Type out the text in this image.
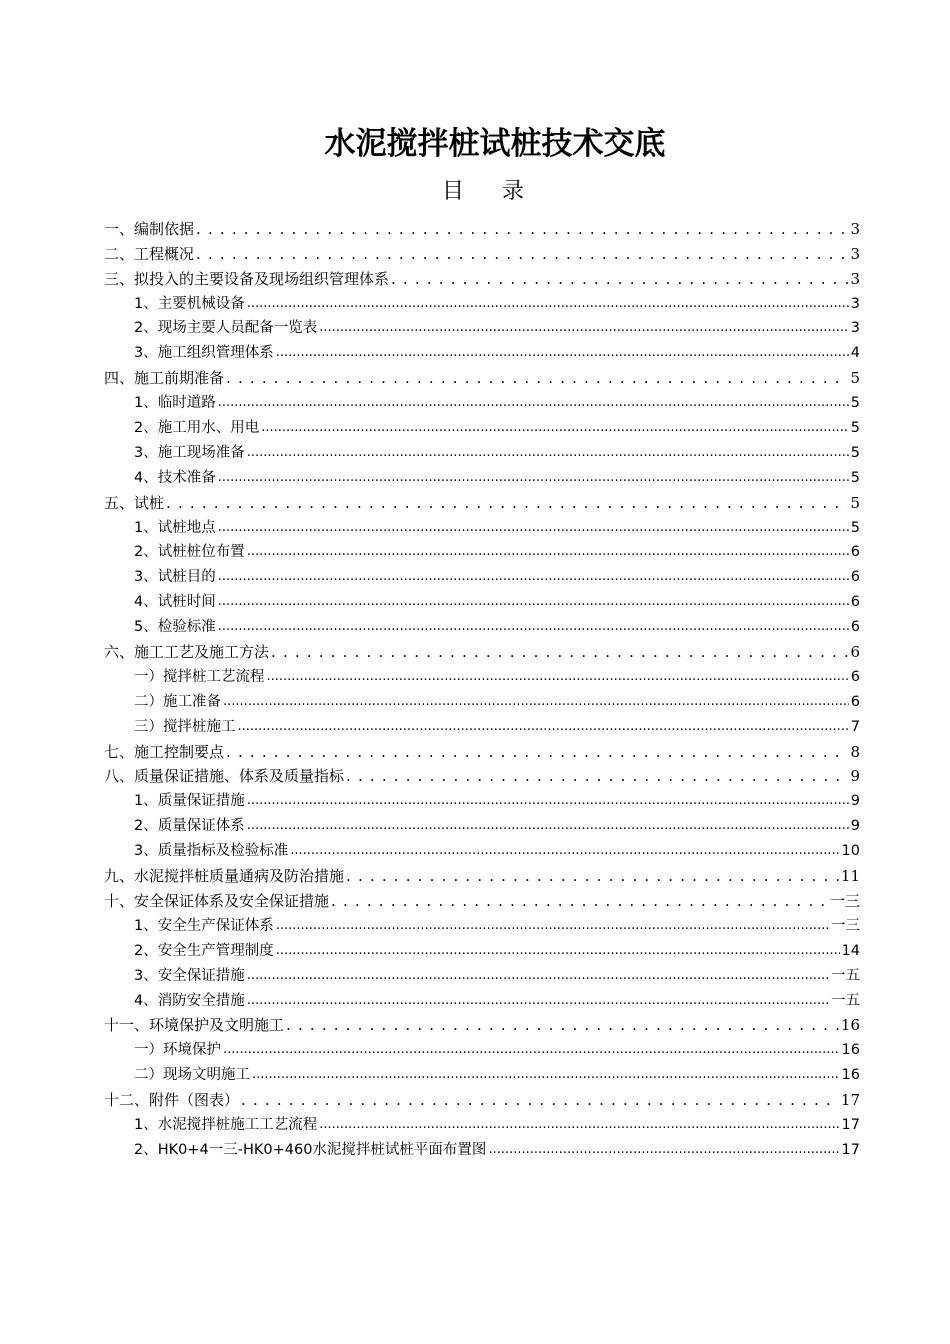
水泥搅拌桩试桩技术交底
目 录
一、编制依据 . . .	3
二、工程概况 . . .	3
三、拟投入的主要设备及现场组织管理体系 . . .	3
1、主要机械设备 .....	3
2、现场主要人员配备一览表 .....	3
3、施工组织管理体系 .....	4
四、施工前期准备 . . .	5
1、临时道路 .....	5
2、施工用水、用电 .....	5
3、施工现场准备 .....	5
4、技术准备 .....	5
五、试桩 . . .	5
1、试桩地点 .....	5
2、试桩桩位布置 .....	6
3、试桩目的 .....	6
4、试桩时间 .....	6
5、检验标准 .....	6
六、施工工艺及施工方法 . . .	6
一）搅拌桩工艺流程 .....	6
二）施工准备 .....	6
三）搅拌桩施工 .....	7
七、施工控制要点 . . .	8
八、质量保证措施、体系及质量指标 . . .	9
1、质量保证措施 .....	9
2、质量保证体系 .....	9
3、质量指标及检验标准 .....	10
九、水泥搅拌桩质量通病及防治措施 . . .	11
十、安全保证体系及安全保证措施 . . .	一三
1、安全生产保证体系 .....	一三
2、安全生产管理制度 .....	14
3、安全保证措施 .....	一五
4、消防安全措施 .....	一五
十一、环境保护及文明施工 . . .	16
一）环境保护 .....	16
二）现场文明施工 .....	16
十二、附件（图表） . . .	17
1、水泥搅拌桩施工工艺流程 .....	17
2、HK0+4一三-HK0+460水泥搅拌桩试桩平面布置图 .....	17
